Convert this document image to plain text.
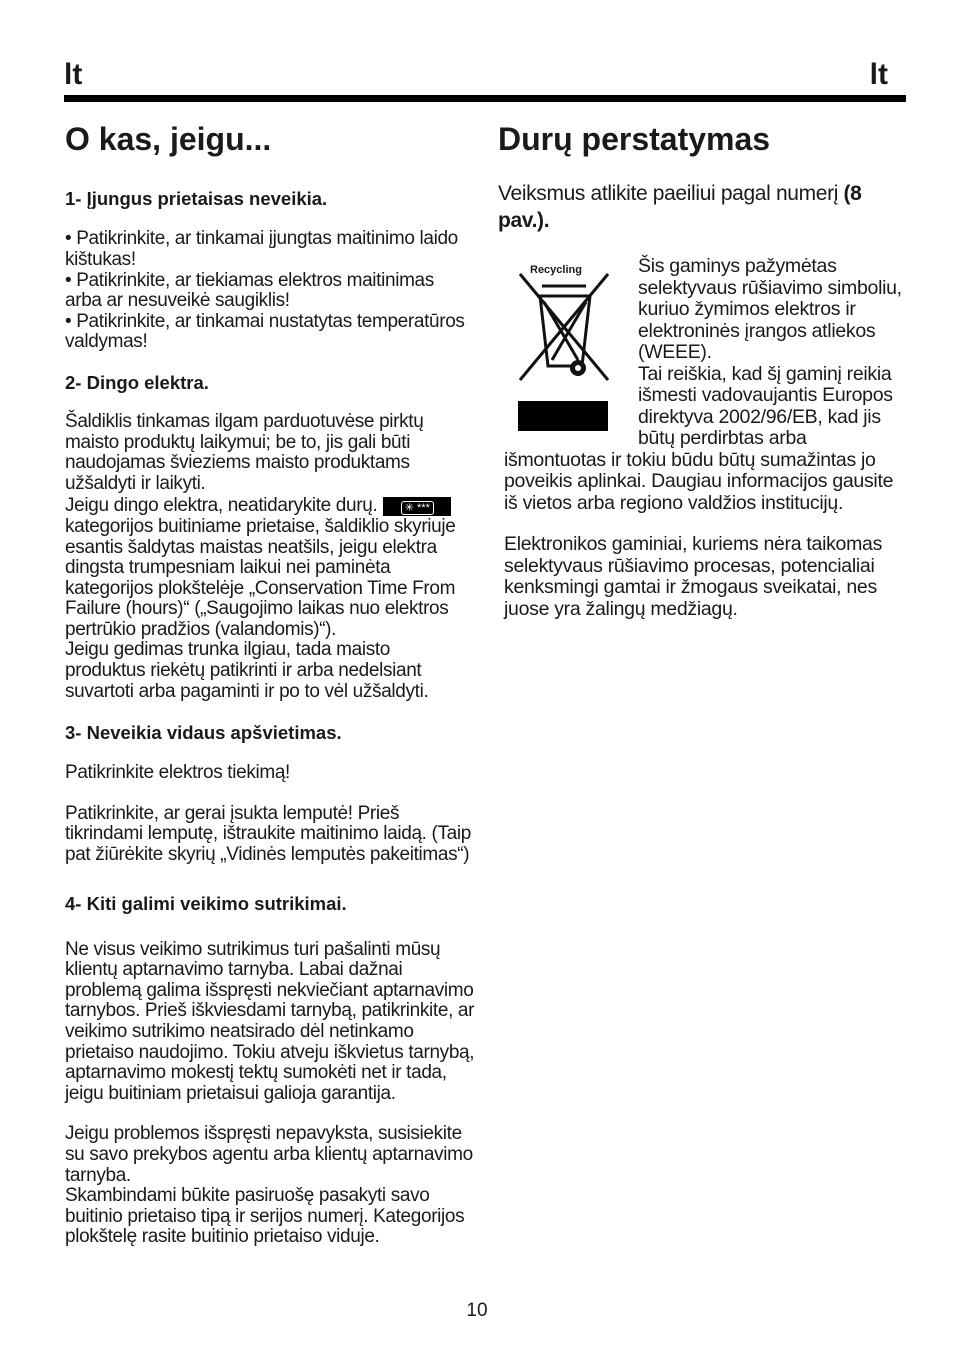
lt	lt
O kas, jeigu...
1- Įjungus prietaisas neveikia.

• Patikrinkite, ar tinkamai įjungtas maitinimo laido kištukas!

• Patikrinkite, ar tiekiamas elektros maitinimas arba ar nesuveikė saugiklis!

• Patikrinkite, ar tinkamai nustatytas temperatūros valdymas!

2- Dingo elektra.

Šaldiklis tinkamas ilgam parduotuvėse pirktų maisto produktų laikymui; be to, jis gali būti naudojamas švieziems maisto produktams užšaldyti ir laikyti.

Jeigu dingo elektra, neatidarykite durų. ✳ *** kategorijos buitiniame prietaise, šaldiklio skyriuje esantis šaldytas maistas neatšils, jeigu elektra dingsta trumpesniam laikui nei paminėta kategorijos plokštelėje „Conservation Time From Failure (hours)“ („Saugojimo laikas nuo elektros pertrūkio pradžios (valandomis)“).

Jeigu gedimas trunka ilgiau, tada maisto produktus riekėtų patikrinti ir arba nedelsiant suvartoti arba pagaminti ir po to vėl užšaldyti.

3- Neveikia vidaus apšvietimas.

Patikrinkite elektros tiekimą!

Patikrinkite, ar gerai įsukta lemputė! Prieš tikrindami lemputę, ištraukite maitinimo laidą. (Taip pat žiūrėkite skyrių „Vidinės lemputės pakeitimas“)

4- Kiti galimi veikimo sutrikimai.

Ne visus veikimo sutrikimus turi pašalinti mūsų klientų aptarnavimo tarnyba. Labai dažnai problemą galima išspręsti nekviečiant aptarnavimo tarnybos. Prieš iškviesdami tarnybą, patikrinkite, ar veikimo sutrikimo neatsirado dėl netinkamo prietaiso naudojimo. Tokiu atveju iškvietus tarnybą, aptarnavimo mokestį tektų sumokėti net ir tada, jeigu buitiniam prietaisui galioja garantija.

Jeigu problemos išspręsti nepavyksta, susisiekite su savo prekybos agentu arba klientų aptarnavimo tarnyba.

Skambindami būkite pasiruošę pasakyti savo buitinio prietaiso tipą ir serijos numerį. Kategorijos plokštelę rasite buitinio prietaiso viduje.

Durų perstatymas

Veiksmus atlikite paeiliui pagal numerį (8 pav.).

Recycling	Šis gaminys pažymėtas selektyvaus rūšiavimo simboliu, kuriuo žymimos elektros ir elektroninės įrangos atliekos (WEEE).

Tai reiškia, kad šį gaminį reikia išmesti vadovaujantis Europos direktyva 2002/96/EB, kad jis būtų perdirbtas arba išmontuotas ir tokiu būdu būtų sumažintas jo poveikis aplinkai. Daugiau informacijos gausite iš vietos arba regiono valdžios institucijų.

Elektronikos gaminiai, kuriems nėra taikomas selektyvaus rūšiavimo procesas, potencialiai kenksmingi gamtai ir žmogaus sveikatai, nes juose yra žalingų medžiagų.

10
